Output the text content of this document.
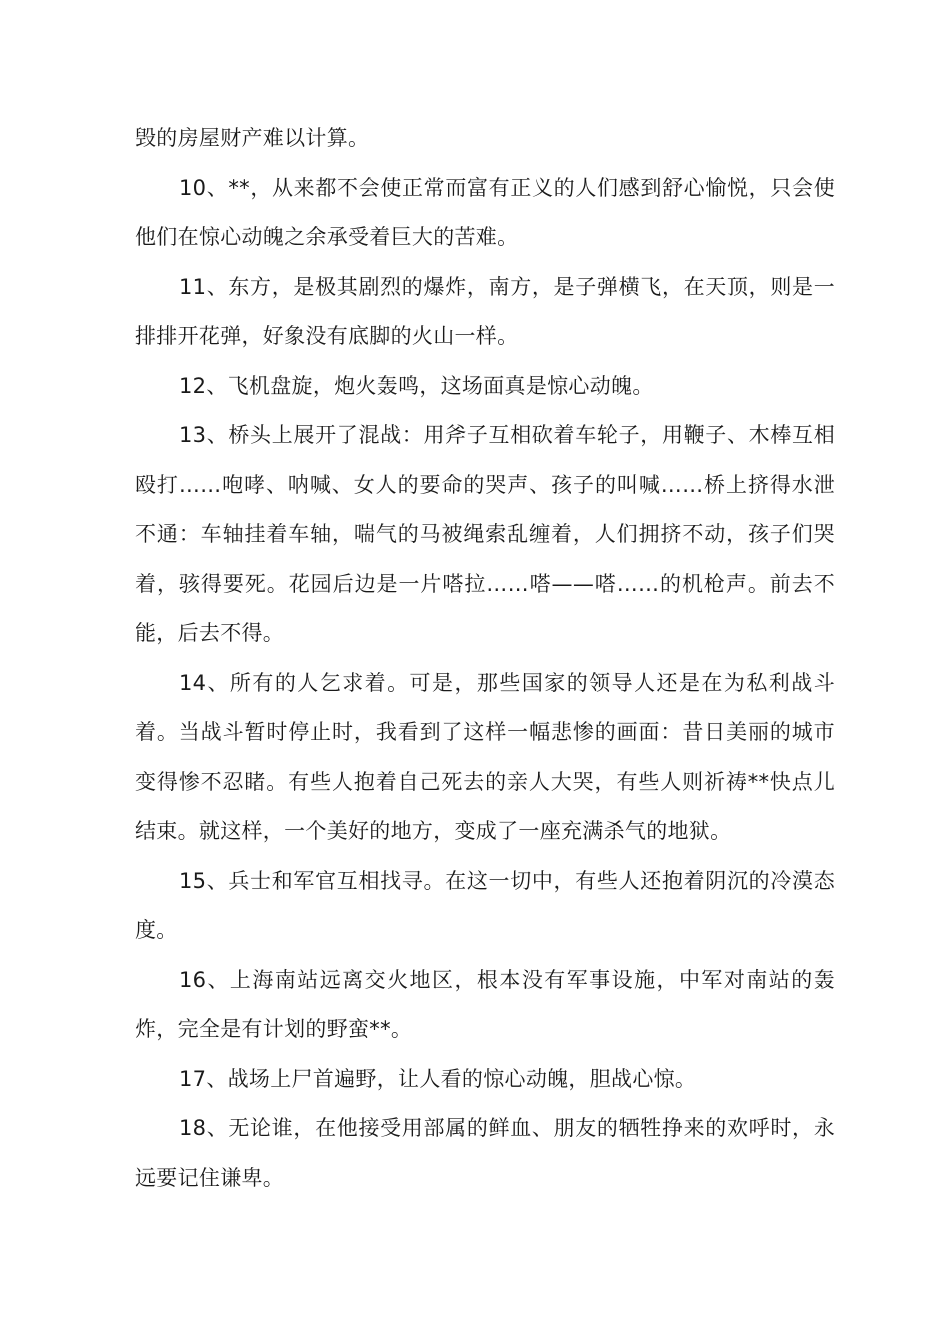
毁的房屋财产难以计算。

10、**，从来都不会使正常而富有正义的人们感到舒心愉悦，只会使他们在惊心动魄之余承受着巨大的苦难。

11、东方，是极其剧烈的爆炸，南方，是子弹横飞，在天顶，则是一排排开花弹，好象没有底脚的火山一样。

12、飞机盘旋，炮火轰鸣，这场面真是惊心动魄。

13、桥头上展开了混战：用斧子互相砍着车轮子，用鞭子、木棒互相殴打……咆哮、呐喊、女人的要命的哭声、孩子的叫喊……桥上挤得水泄不通：车轴挂着车轴，喘气的马被绳索乱缠着，人们拥挤不动，孩子们哭着，骇得要死。花园后边是一片嗒拉……嗒——嗒……的机枪声。前去不能，后去不得。

14、所有的人乞求着。可是，那些国家的领导人还是在为私利战斗着。当战斗暂时停止时，我看到了这样一幅悲惨的画面：昔日美丽的城市变得惨不忍睹。有些人抱着自己死去的亲人大哭，有些人则祈祷**快点儿结束。就这样，一个美好的地方，变成了一座充满杀气的地狱。

15、兵士和军官互相找寻。在这一切中，有些人还抱着阴沉的冷漠态度。

16、上海南站远离交火地区，根本没有军事设施，中军对南站的轰炸，完全是有计划的野蛮**。

17、战场上尸首遍野，让人看的惊心动魄，胆战心惊。

18、无论谁，在他接受用部属的鲜血、朋友的牺牲挣来的欢呼时，永远要记住谦卑。
